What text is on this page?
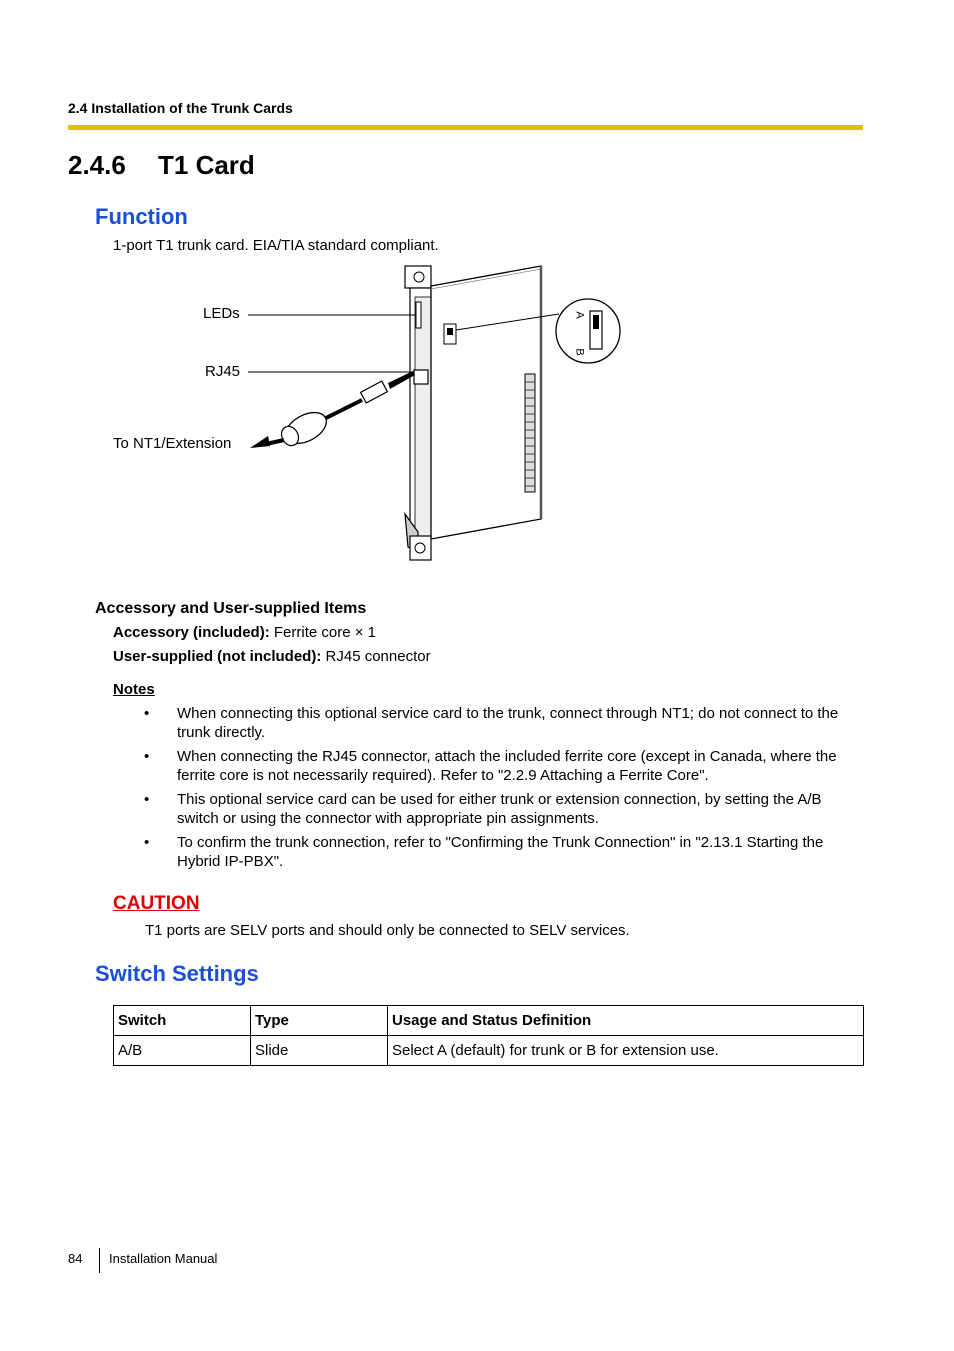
2.4 Installation of the Trunk Cards
2.4.6 T1 Card
Function
1-port T1 trunk card. EIA/TIA standard compliant.
LEDs
RJ45
To NT1/Extension
A
B
Accessory and User-supplied Items
Accessory (included): Ferrite core × 1
User-supplied (not included): RJ45 connector
Notes
• When connecting this optional service card to the trunk, connect through NT1; do not connect to the trunk directly.
• When connecting the RJ45 connector, attach the included ferrite core (except in Canada, where the ferrite core is not necessarily required). Refer to "2.2.9 Attaching a Ferrite Core".
• This optional service card can be used for either trunk or extension connection, by setting the A/B switch or using the connector with appropriate pin assignments.
• To confirm the trunk connection, refer to "Confirming the Trunk Connection" in "2.13.1 Starting the Hybrid IP-PBX".
CAUTION
T1 ports are SELV ports and should only be connected to SELV services.
Switch Settings
Switch	Type	Usage and Status Definition
A/B	Slide	Select A (default) for trunk or B for extension use.
84 Installation Manual
